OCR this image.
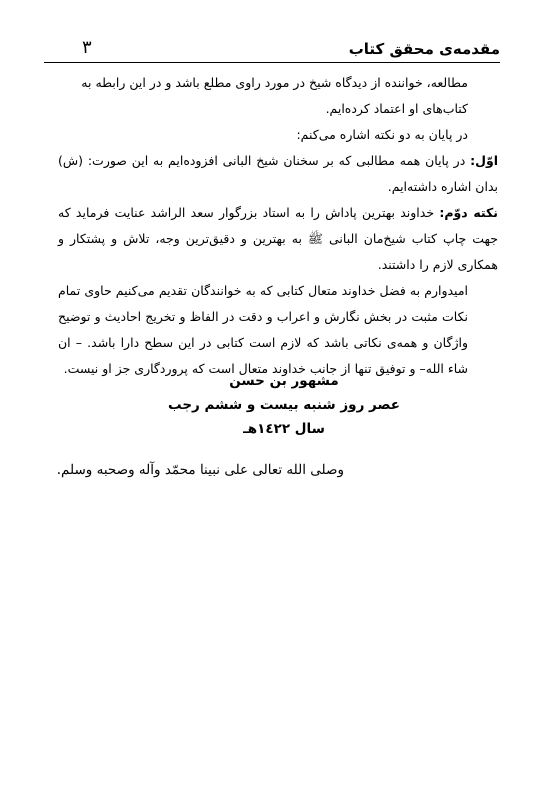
٣	مقدمه‌ی محقق کتاب

مطالعه، خواننده از دیدگاه شیخ در مورد راوی مطلع باشد و در این رابطه به
کتاب‌های او اعتماد کرده‌ایم.

در پایان به دو نکته اشاره می‌کنم:

اوّل: در پایان همه مطالبی که بر سخنان شیخ البانی افزوده‌ایم به این صورت: (ش) بدان اشاره داشته‌ایم.

نکته دوّم: خداوند بهترین پاداش را به استاد بزرگوار سعد الراشد عنایت فرماید که جهت چاپ کتاب شیخ‌مان البانی ﷺ به بهترین و دقیق‌ترین وجه، تلاش و پشتکار و همکاری لازم را داشتند.

امیدوارم به فضل خداوند متعال کتابی که به خوانندگان تقدیم می‌کنیم حاوی تمام نکات مثبت در بخش نگارش و اعراب و دقت در الفاظ و تخریج احادیث و توضیح واژگان و همه‌ی نکاتی باشد که لازم است کتابی در این سطح دارا باشد. – ان شاء الله– و توفیق تنها از جانب خداوند متعال است که پروردگاری جز او نیست.

مشهور بن حسن
عصر روز شنبه بیست و ششم رجب
سال ١٤٢٢هـ
وصلى الله تعالى على نبينا محمّد وآله وصحبه وسلم.
